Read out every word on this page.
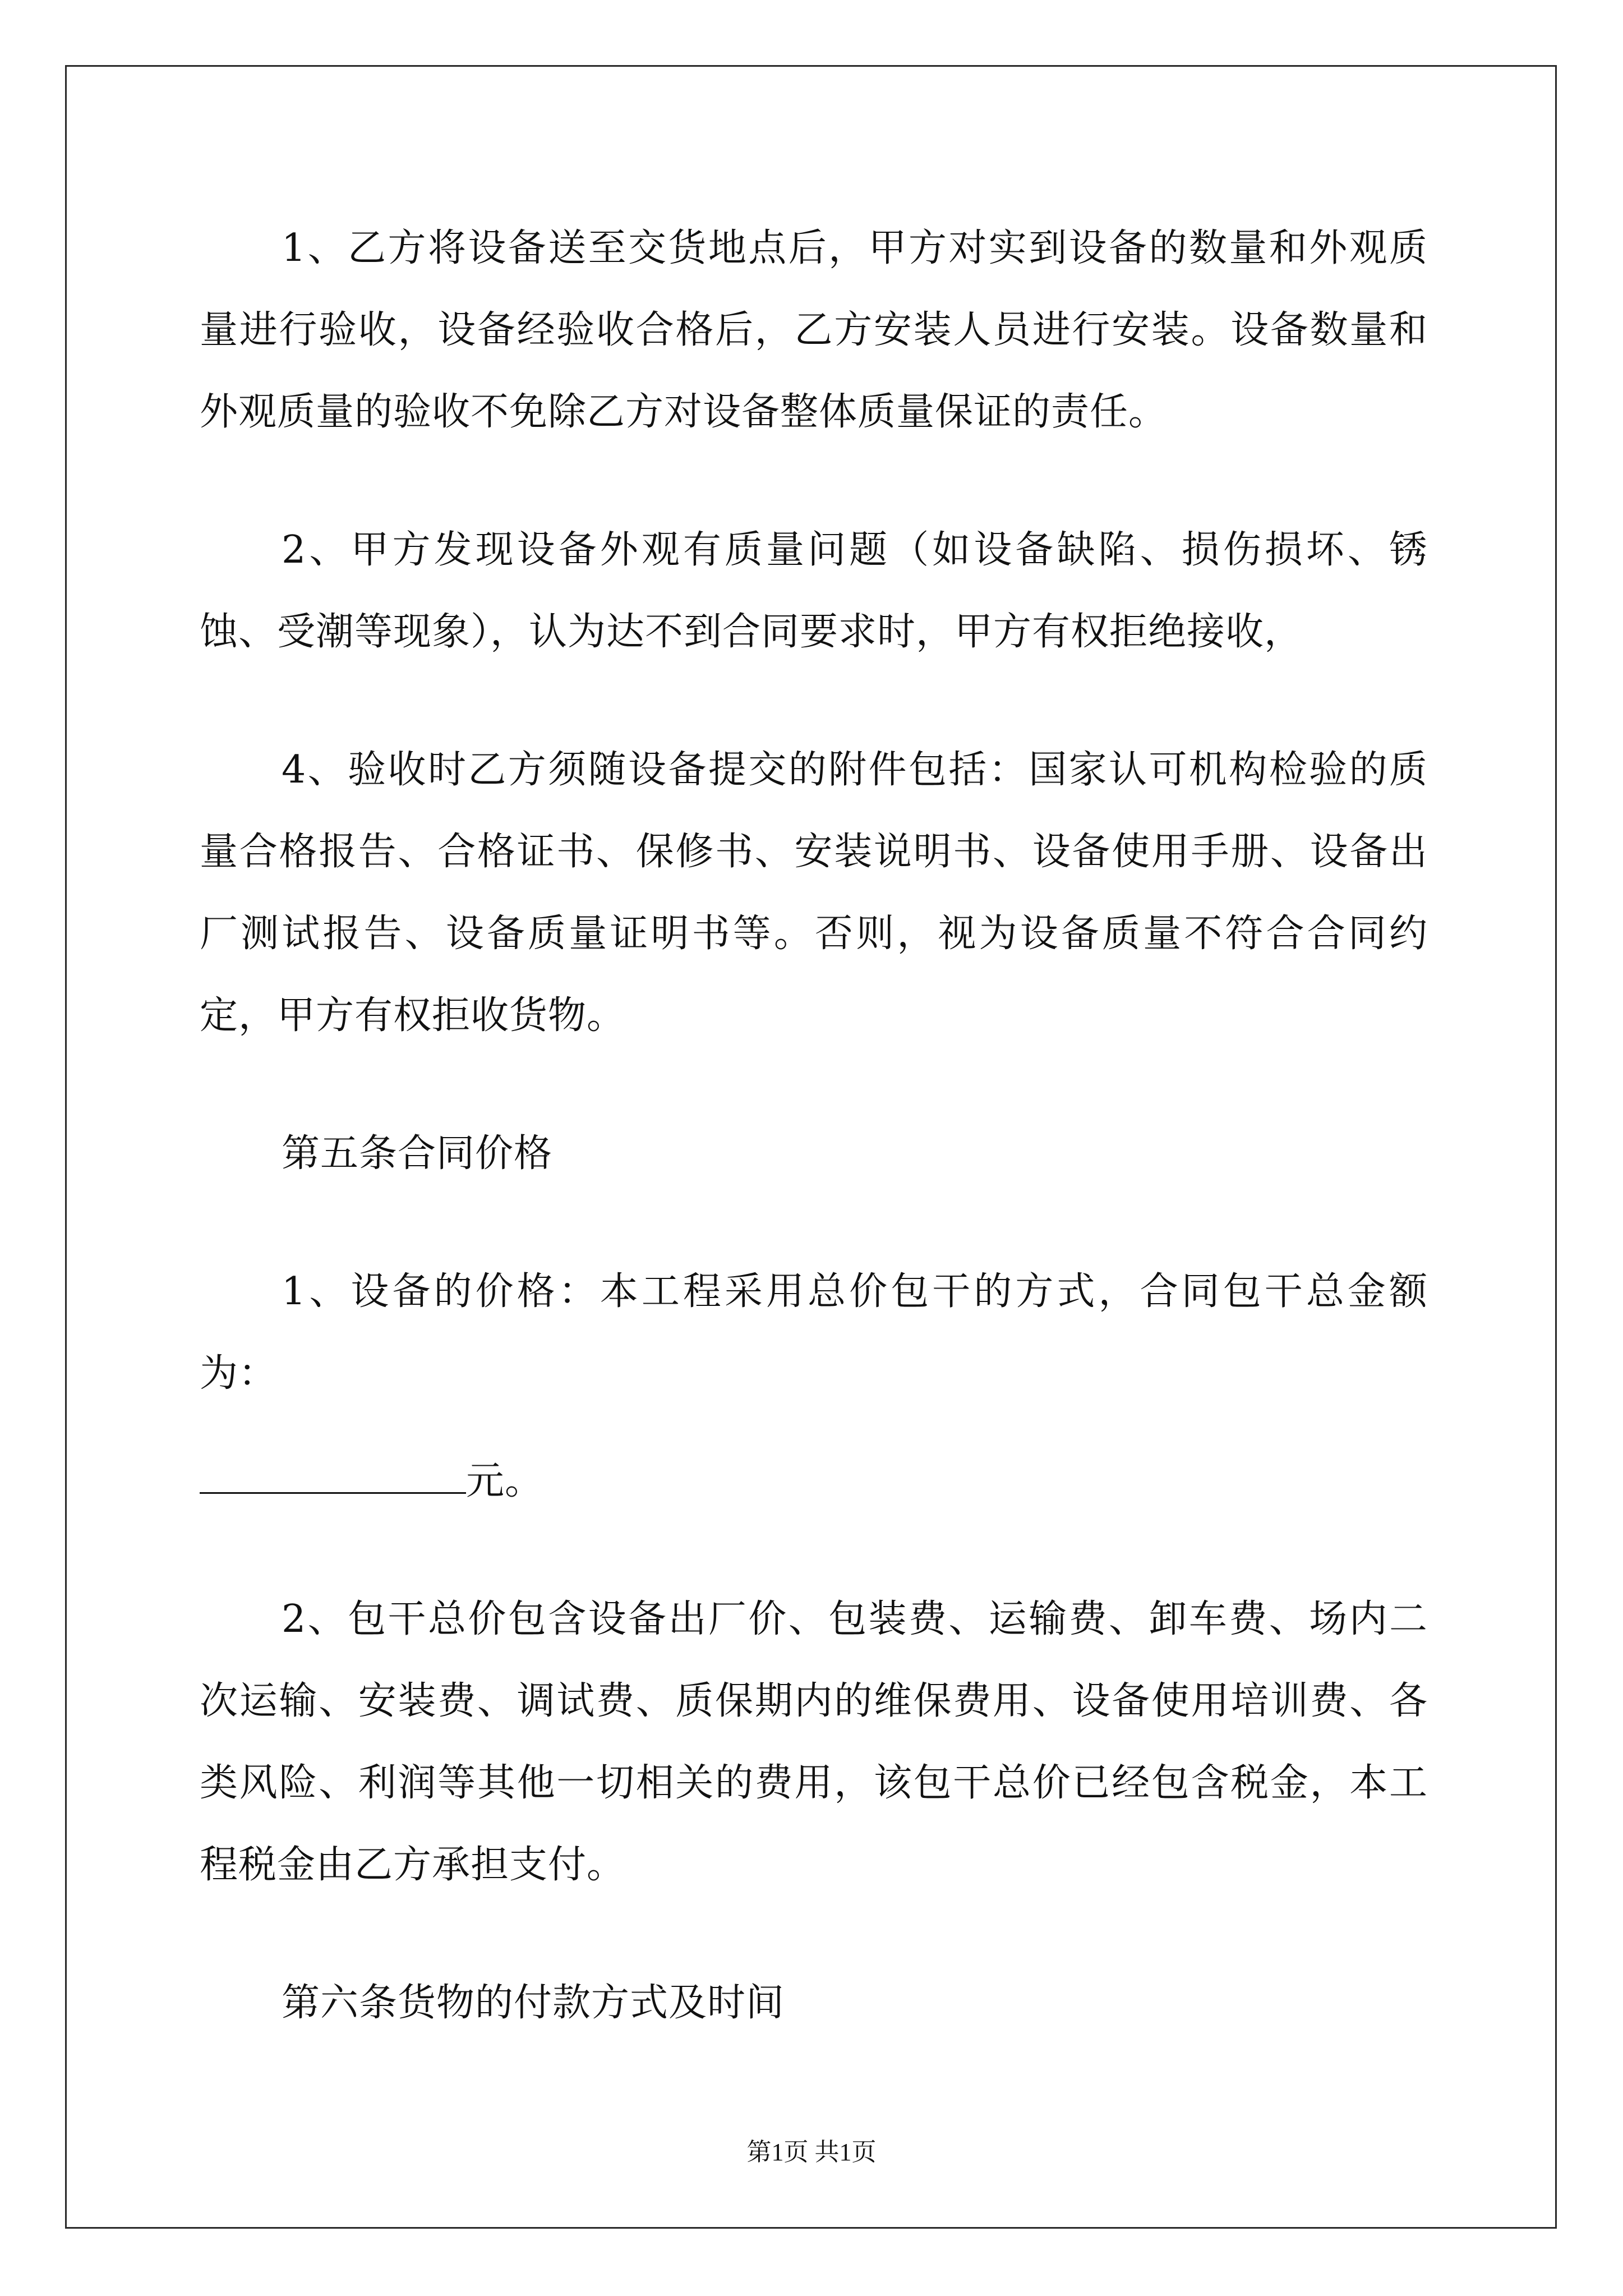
1、乙方将设备送至交货地点后，甲方对实到设备的数量和外观质量进行验收，设备经验收合格后，乙方安装人员进行安装。设备数量和外观质量的验收不免除乙方对设备整体质量保证的责任。

2、甲方发现设备外观有质量问题（如设备缺陷、损伤损坏、锈蚀、受潮等现象），认为达不到合同要求时，甲方有权拒绝接收，

4、验收时乙方须随设备提交的附件包括：国家认可机构检验的质量合格报告、合格证书、保修书、安装说明书、设备使用手册、设备出厂测试报告、设备质量证明书等。否则，视为设备质量不符合合同约定，甲方有权拒收货物。

第五条合同价格

1、设备的价格：本工程采用总价包干的方式，合同包干总金额为：

元。

2、包干总价包含设备出厂价、包装费、运输费、卸车费、场内二次运输、安装费、调试费、质保期内的维保费用、设备使用培训费、各类风险、利润等其他一切相关的费用，该包干总价已经包含税金，本工程税金由乙方承担支付。

第六条货物的付款方式及时间

第1页 共1页
